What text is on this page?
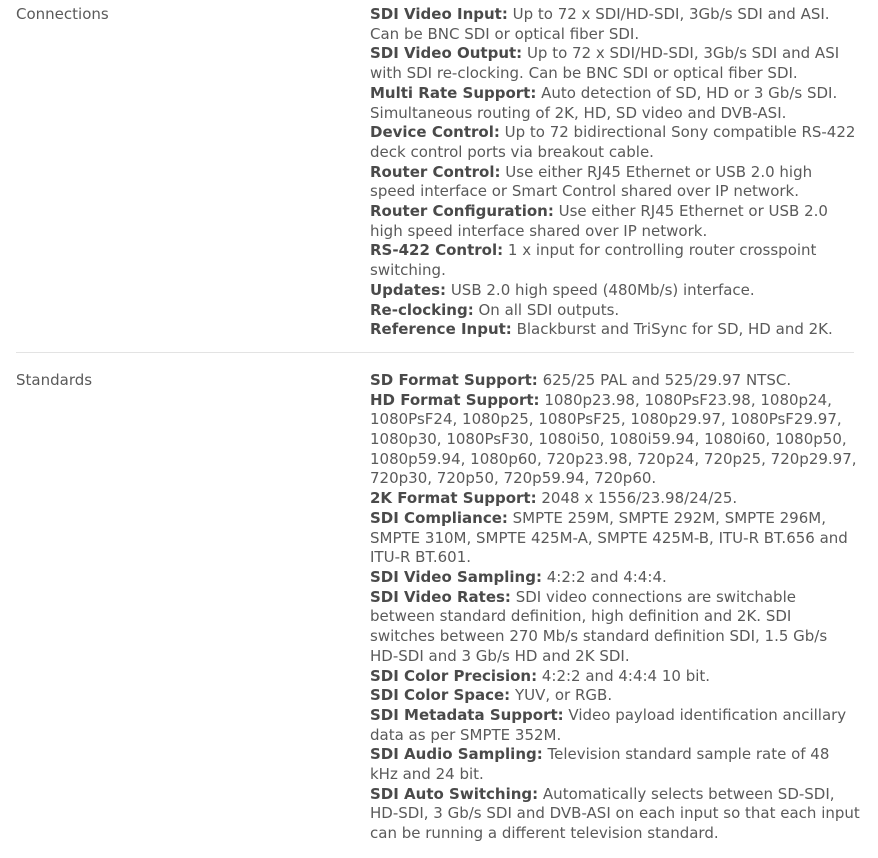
Connections	SDI Video Input: Up to 72 x SDI/HD-SDI, 3Gb/s SDI and ASI. Can be BNC SDI or optical fiber SDI.
SDI Video Output: Up to 72 x SDI/HD-SDI, 3Gb/s SDI and ASI with SDI re-clocking. Can be BNC SDI or optical fiber SDI.
Multi Rate Support: Auto detection of SD, HD or 3 Gb/s SDI. Simultaneous routing of 2K, HD, SD video and DVB-ASI.
Device Control: Up to 72 bidirectional Sony compatible RS-422 deck control ports via breakout cable.
Router Control: Use either RJ45 Ethernet or USB 2.0 high speed interface or Smart Control shared over IP network.
Router Configuration: Use either RJ45 Ethernet or USB 2.0 high speed interface shared over IP network.
RS-422 Control: 1 x input for controlling router crosspoint switching.
Updates: USB 2.0 high speed (480Mb/s) interface.
Re-clocking: On all SDI outputs.
Reference Input: Blackburst and TriSync for SD, HD and 2K.
Standards	SD Format Support: 625/25 PAL and 525/29.97 NTSC.
HD Format Support: 1080p23.98, 1080PsF23.98, 1080p24, 1080PsF24, 1080p25, 1080PsF25, 1080p29.97, 1080PsF29.97, 1080p30, 1080PsF30, 1080i50, 1080i59.94, 1080i60, 1080p50, 1080p59.94, 1080p60, 720p23.98, 720p24, 720p25, 720p29.97, 720p30, 720p50, 720p59.94, 720p60.
2K Format Support: 2048 x 1556/23.98/24/25.
SDI Compliance: SMPTE 259M, SMPTE 292M, SMPTE 296M, SMPTE 310M, SMPTE 425M-A, SMPTE 425M-B, ITU-R BT.656 and ITU-R BT.601.
SDI Video Sampling: 4:2:2 and 4:4:4.
SDI Video Rates: SDI video connections are switchable between standard definition, high definition and 2K. SDI switches between 270 Mb/s standard definition SDI, 1.5 Gb/s HD-SDI and 3 Gb/s HD and 2K SDI.
SDI Color Precision: 4:2:2 and 4:4:4 10 bit.
SDI Color Space: YUV, or RGB.
SDI Metadata Support: Video payload identification ancillary data as per SMPTE 352M.
SDI Audio Sampling: Television standard sample rate of 48 kHz and 24 bit.
SDI Auto Switching: Automatically selects between SD-SDI, HD-SDI, 3 Gb/s SDI and DVB-ASI on each input so that each input can be running a different television standard.
